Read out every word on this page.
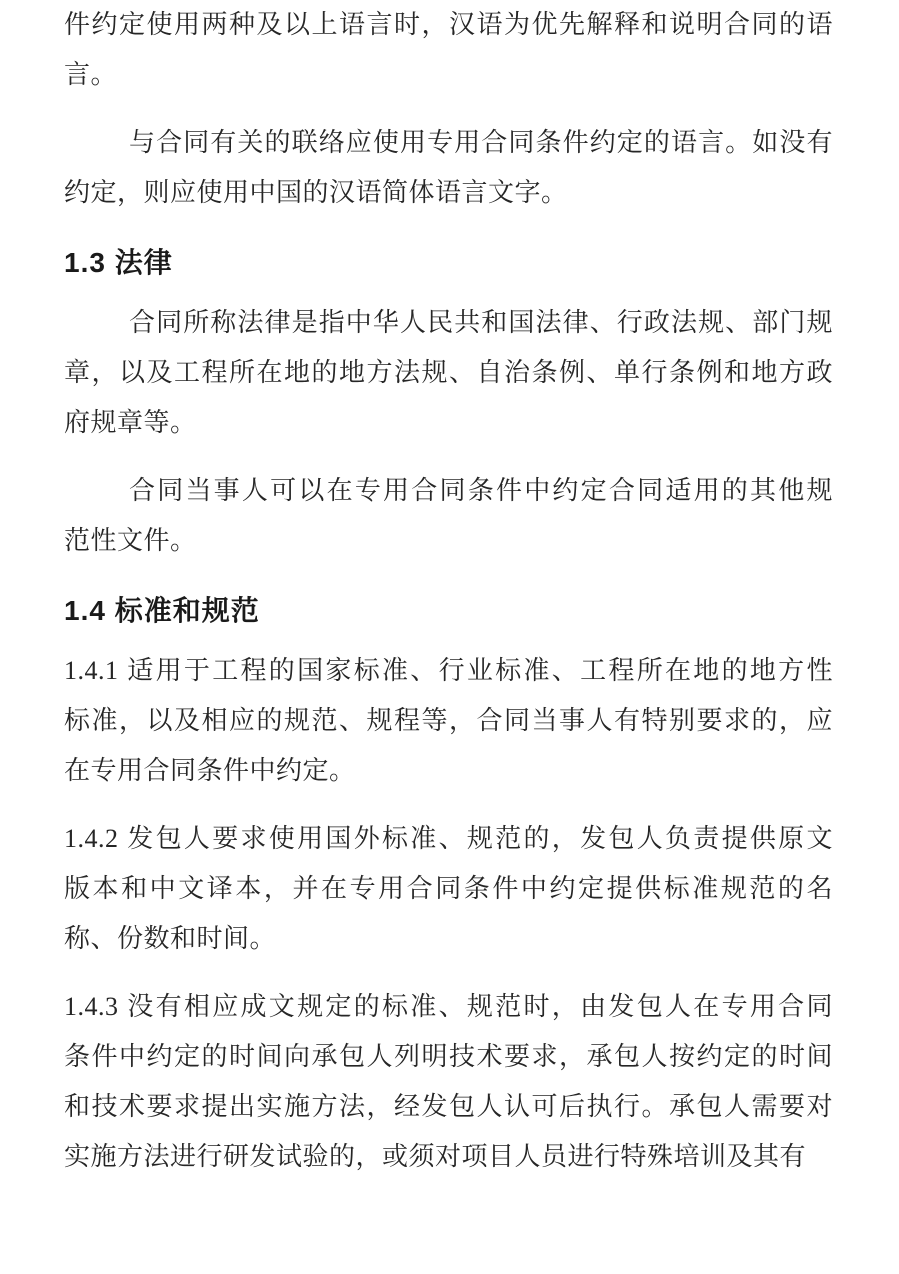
件约定使用两种及以上语言时，汉语为优先解释和说明合同的语
言。
与合同有关的联络应使用专用合同条件约定的语言。如没有
约定，则应使用中国的汉语简体语言文字。
1.3 法律
合同所称法律是指中华人民共和国法律、行政法规、部门规
章，以及工程所在地的地方法规、自治条例、单行条例和地方政
府规章等。
合同当事人可以在专用合同条件中约定合同适用的其他规
范性文件。
1.4 标准和规范
1.4.1 适用于工程的国家标准、行业标准、工程所在地的地方性
标准，以及相应的规范、规程等，合同当事人有特别要求的，应
在专用合同条件中约定。
1.4.2 发包人要求使用国外标准、规范的，发包人负责提供原文
版本和中文译本，并在专用合同条件中约定提供标准规范的名
称、份数和时间。
1.4.3 没有相应成文规定的标准、规范时，由发包人在专用合同
条件中约定的时间向承包人列明技术要求，承包人按约定的时间
和技术要求提出实施方法，经发包人认可后执行。承包人需要对
实施方法进行研发试验的，或须对项目人员进行特殊培训及其有
